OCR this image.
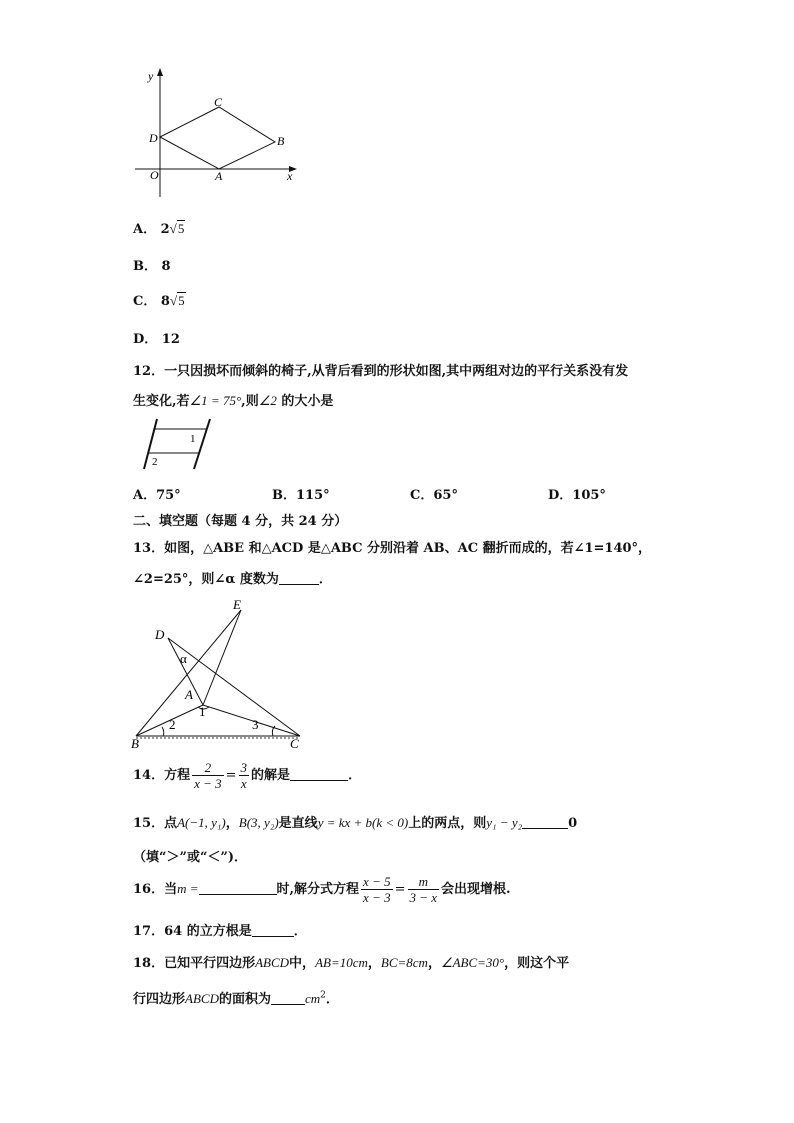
y
x
O	A
B
C
D
A． 2√5
B． 8
C． 8√5
D． 12
12．一只因损坏而倾斜的椅子,从背后看到的形状如图,其中两组对边的平行关系没有发
生变化,若∠1 = 75°,则∠2 的大小是
1
2
A．75°	B．115°	C．65°	D．105°
二、填空题（每题 4 分，共 24 分）
13．如图，△ABE 和△ACD 是△ABC 分别沿着 AB、AC 翻折而成的，若∠1=140°，
∠2=25°，则∠α 度数为	．
E
D
α
A
1
B
2	3
C
14．方程 $\frac{2}{x - 3} = \frac{3}{x}$ 的解是	．
15．点A(−1, y₁)，B(3, y₂)是直线y = kx + b(k < 0)上的两点，则y₁ − y₂	0
（填“＞”或“＜”)．
16．当m =	时,解分式方程 $\frac{x - 5}{x - 3} = \frac{m}{3 - x}$ 会出现增根.
17．64 的立方根是	．
18．已知平行四边形ABCD中，AB=10cm，BC=8cm，∠ABC=30°，则这个平
行四边形ABCD的面积为	$cm^2$．
